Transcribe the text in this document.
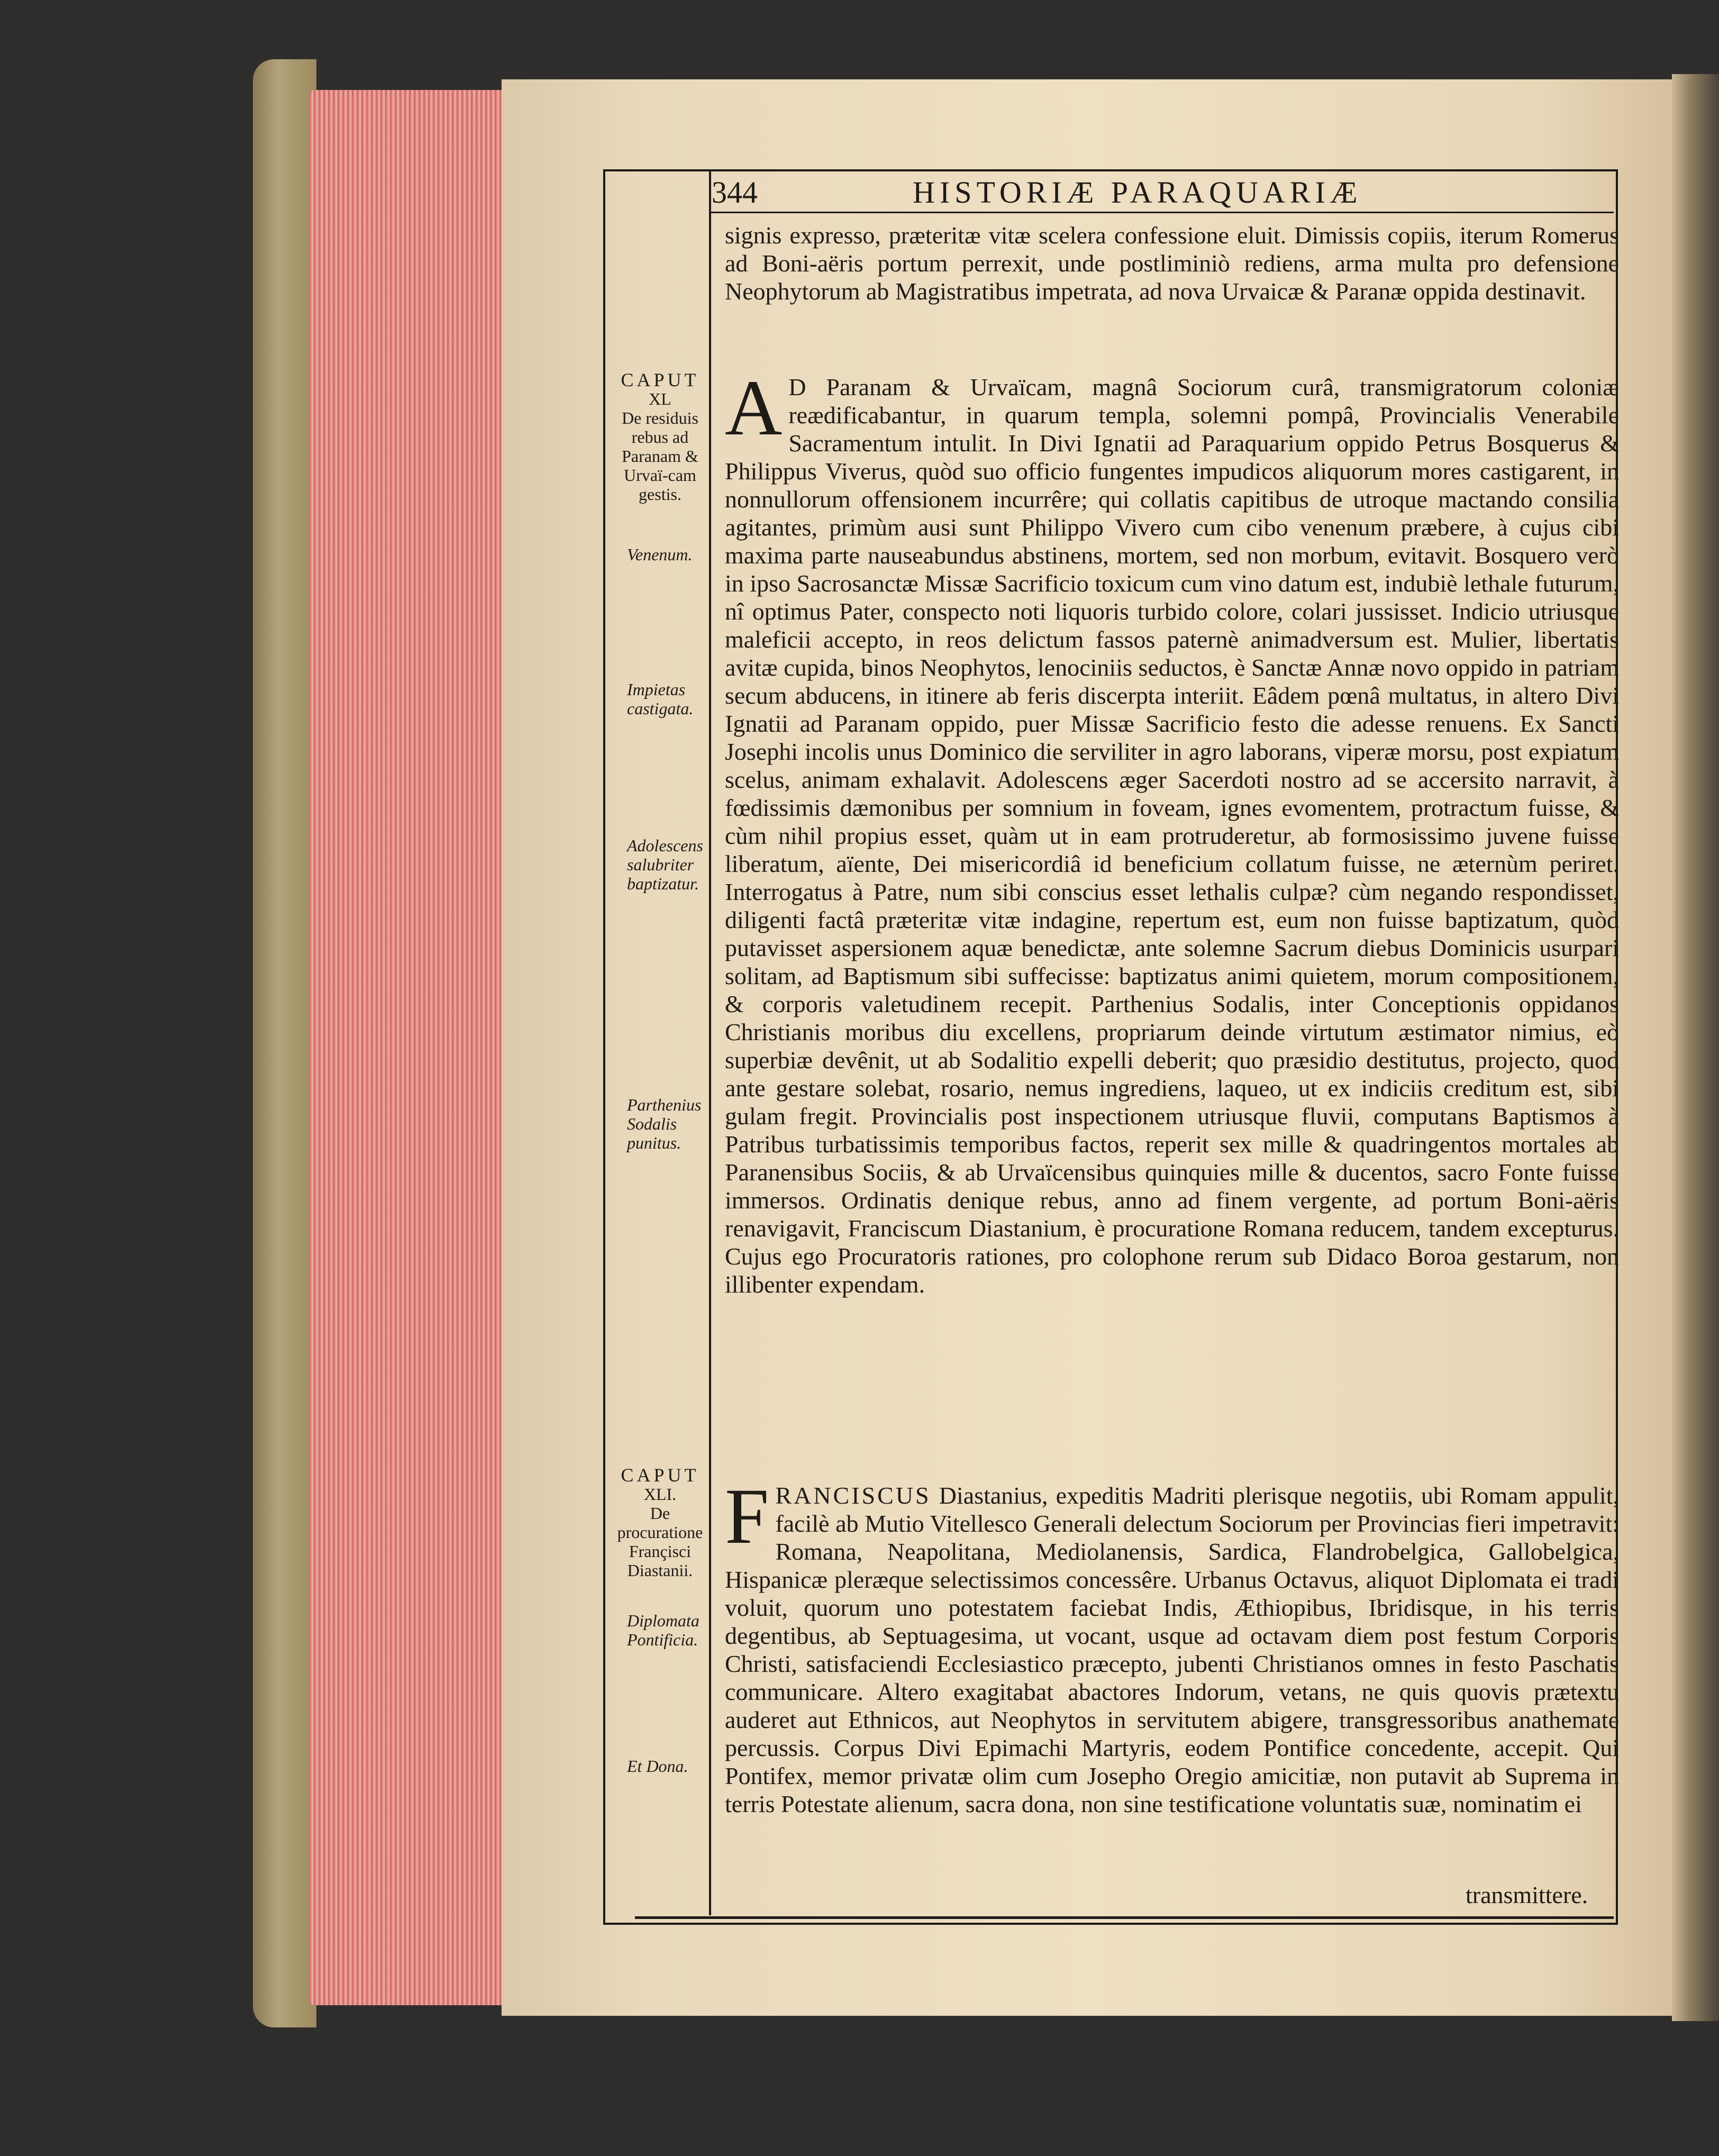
344	HISTORIÆ PARAQUARIÆ

signis expresso, præteritæ vitæ scelera confessione eluit. Dimissis copiis, iterum Romerus ad Boni-aëris portum perrexit, unde postliminiò rediens, arma multa pro defensione Neophytorum ab Magistratibus impetrata, ad nova Urvaicæ & Paranæ oppida destinavit.

A D Paranam & Urvaïcam, magnâ Sociorum curâ, transmigratorum coloniæ reædificabantur, in quarum templa, solemni pompâ, Provincialis Venerabile Sacramentum intulit. In Divi Ignatii ad Paraquarium oppido Petrus Bosquerus & Philippus Viverus, quòd suo officio fungentes impudicos aliquorum mores castigarent, in nonnullorum offensionem incurrêre; qui collatis capitibus de utroque mactando consilia agitantes, primùm ausi sunt Philippo Vivero cum cibo venenum præbere, à cujus cibi maxima parte nauseabundus abstinens, mortem, sed non morbum, evitavit. Bosquero verò in ipso Sacrosanctæ Missæ Sacrificio toxicum cum vino datum est, indubiè lethale futurum, nî optimus Pater, conspecto noti liquoris turbido colore, colari jussisset. Indicio utriusque maleficii accepto, in reos delictum fassos paternè animadversum est. Mulier, libertatis avitæ cupida, binos Neophytos, lenociniis seductos, è Sanctæ Annæ novo oppido in patriam secum abducens, in itinere ab feris discerpta interiit. Eâdem pœnâ multatus, in altero Divi Ignatii ad Paranam oppido, puer Missæ Sacrificio festo die adesse renuens. Ex Sancti Josephi incolis unus Dominico die serviliter in agro laborans, viperæ morsu, post expiatum scelus, animam exhalavit. Adolescens æger Sacerdoti nostro ad se accersito narravit, à fœdissimis dæmonibus per somnium in foveam, ignes evomentem, protractum fuisse, & cùm nihil propius esset, quàm ut in eam protruderetur, ab formosissimo juvene fuisse liberatum, aïente, Dei misericordiâ id beneficium collatum fuisse, ne æternùm periret. Interrogatus à Patre, num sibi conscius esset lethalis culpæ? cùm negando respondisset, diligenti factâ præteritæ vitæ indagine, repertum est, eum non fuisse baptizatum, quòd putavisset aspersionem aquæ benedictæ, ante solemne Sacrum diebus Dominicis usurpari solitam, ad Baptismum sibi suffecisse: baptizatus animi quietem, morum compositionem, & corporis valetudinem recepit. Parthenius Sodalis, inter Conceptionis oppidanos Christianis moribus diu excellens, propriarum deinde virtutum æstimator nimius, eò superbiæ devênit, ut ab Sodalitio expelli deberit; quo præsidio destitutus, projecto, quod ante gestare solebat, rosario, nemus ingrediens, laqueo, ut ex indiciis creditum est, sibi gulam fregit. Provincialis post inspectionem utriusque fluvii, computans Baptismos à Patribus turbatissimis temporibus factos, reperit sex mille & quadringentos mortales ab Paranensibus Sociis, & ab Urvaïcensibus quinquies mille & ducentos, sacro Fonte fuisse immersos. Ordinatis denique rebus, anno ad finem vergente, ad portum Boni-aëris renavigavit, Franciscum Diastanium, è procuratione Romana reducem, tandem excepturus. Cujus ego Procuratoris rationes, pro colophone rerum sub Didaco Boroa gestarum, non illibenter expendam.

FRANCISCUS Diastanius, expeditis Madriti plerisque negotiis, ubi Romam appulit, facilè ab Mutio Vitellesco Generali delectum Sociorum per Provincias fieri impetravit: Romana, Neapolitana, Mediolanensis, Sardica, Flandrobelgica, Gallobelgica, Hispanicæ pleræque selectissimos concessêre. Urbanus Octavus, aliquot Diplomata ei tradi voluit, quorum uno potestatem faciebat Indis, Æthiopibus, Ibridisque, in his terris degentibus, ab Septuagesima, ut vocant, usque ad octavam diem post festum Corporis Christi, satisfaciendi Ecclesiastico præcepto, jubenti Christianos omnes in festo Paschatis communicare. Altero exagitabat abactores Indorum, vetans, ne quis quovis prætextu auderet aut Ethnicos, aut Neophytos in servitutem abigere, transgressoribus anathemate percussis. Corpus Divi Epimachi Martyris, eodem Pontifice concedente, accepit. Qui Pontifex, memor privatæ olim cum Josepho Oregio amicitiæ, non putavit ab Suprema in terris Potestate alienum, sacra dona, non sine testificatione voluntatis suæ, nominatim ei

transmittere.
CAPUT
XL
De residuis rebus ad Paranam & Urvaï-cam gestis.
Venenum.
Impietas castigata.
Adolescens salubriter baptizatur.
Parthenius Sodalis punitus.
CAPUT
XLI.
De procuratione Françisci Diastanii.
Diplomata Pontificia.
Et Dona.
